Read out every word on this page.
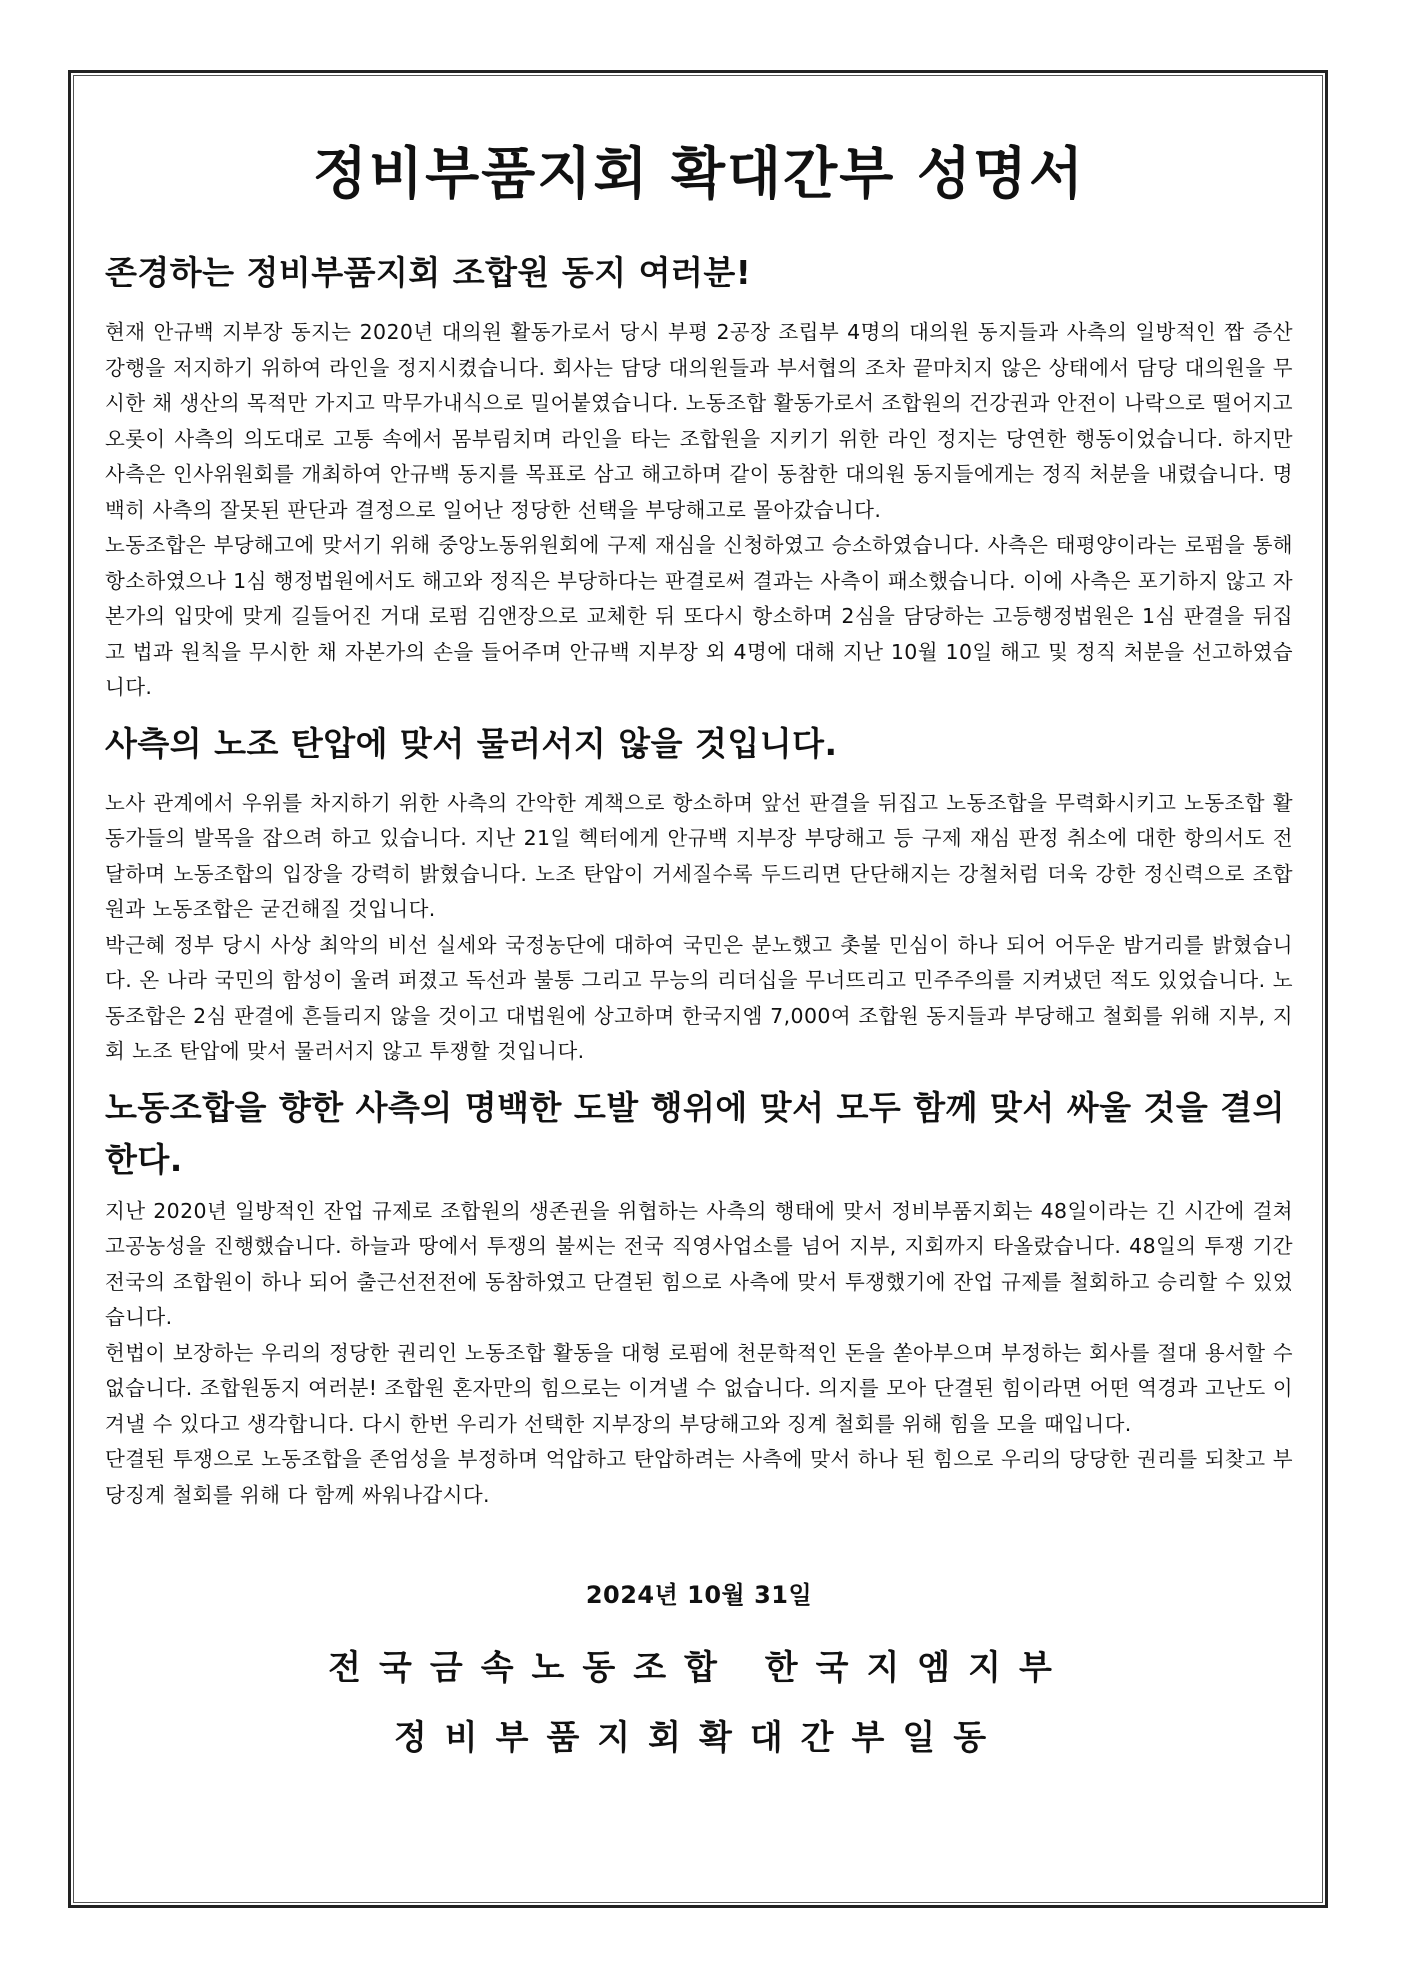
정비부품지회 확대간부 성명서
존경하는 정비부품지회 조합원 동지 여러분!

현재 안규백 지부장 동지는 2020년 대의원 활동가로서 당시 부평 2공장 조립부 4명의 대의원 동지들과 사측의 일방적인 짭 증산 강행을 저지하기 위하여 라인을 정지시켰습니다. 회사는 담당 대의원들과 부서협의 조차 끝마치지 않은 상태에서 담당 대의원을 무시한 채 생산의 목적만 가지고 막무가내식으로 밀어붙였습니다. 노동조합 활동가로서 조합원의 건강권과 안전이 나락으로 떨어지고 오롯이 사측의 의도대로 고통 속에서 몸부림치며 라인을 타는 조합원을 지키기 위한 라인 정지는 당연한 행동이었습니다. 하지만 사측은 인사위원회를 개최하여 안규백 동지를 목표로 삼고 해고하며 같이 동참한 대의원 동지들에게는 정직 처분을 내렸습니다. 명백히 사측의 잘못된 판단과 결정으로 일어난 정당한 선택을 부당해고로 몰아갔습니다.

노동조합은 부당해고에 맞서기 위해 중앙노동위원회에 구제 재심을 신청하였고 승소하였습니다. 사측은 태평양이라는 로펌을 통해 항소하였으나 1심 행정법원에서도 해고와 정직은 부당하다는 판결로써 결과는 사측이 패소했습니다. 이에 사측은 포기하지 않고 자본가의 입맛에 맞게 길들어진 거대 로펌 김앤장으로 교체한 뒤 또다시 항소하며 2심을 담당하는 고등행정법원은 1심 판결을 뒤집고 법과 원칙을 무시한 채 자본가의 손을 들어주며 안규백 지부장 외 4명에 대해 지난 10월 10일 해고 및 정직 처분을 선고하였습니다.

사측의 노조 탄압에 맞서 물러서지 않을 것입니다.

노사 관계에서 우위를 차지하기 위한 사측의 간악한 계책으로 항소하며 앞선 판결을 뒤집고 노동조합을 무력화시키고 노동조합 활동가들의 발목을 잡으려 하고 있습니다. 지난 21일 헥터에게 안규백 지부장 부당해고 등 구제 재심 판정 취소에 대한 항의서도 전달하며 노동조합의 입장을 강력히 밝혔습니다. 노조 탄압이 거세질수록 두드리면 단단해지는 강철처럼 더욱 강한 정신력으로 조합원과 노동조합은 굳건해질 것입니다.

박근혜 정부 당시 사상 최악의 비선 실세와 국정농단에 대하여 국민은 분노했고 촛불 민심이 하나 되어 어두운 밤거리를 밝혔습니다. 온 나라 국민의 함성이 울려 퍼졌고 독선과 불통 그리고 무능의 리더십을 무너뜨리고 민주주의를 지켜냈던 적도 있었습니다. 노동조합은 2심 판결에 흔들리지 않을 것이고 대법원에 상고하며 한국지엠 7,000여 조합원 동지들과 부당해고 철회를 위해 지부, 지회 노조 탄압에 맞서 물러서지 않고 투쟁할 것입니다.

노동조합을 향한 사측의 명백한 도발 행위에 맞서 모두 함께 맞서 싸울 것을 결의한다.

지난 2020년 일방적인 잔업 규제로 조합원의 생존권을 위협하는 사측의 행태에 맞서 정비부품지회는 48일이라는 긴 시간에 걸쳐 고공농성을 진행했습니다. 하늘과 땅에서 투쟁의 불씨는 전국 직영사업소를 넘어 지부, 지회까지 타올랐습니다. 48일의 투쟁 기간 전국의 조합원이 하나 되어 출근선전전에 동참하였고 단결된 힘으로 사측에 맞서 투쟁했기에 잔업 규제를 철회하고 승리할 수 있었습니다.

헌법이 보장하는 우리의 정당한 권리인 노동조합 활동을 대형 로펌에 천문학적인 돈을 쏟아부으며 부정하는 회사를 절대 용서할 수 없습니다. 조합원동지 여러분! 조합원 혼자만의 힘으로는 이겨낼 수 없습니다. 의지를 모아 단결된 힘이라면 어떤 역경과 고난도 이겨낼 수 있다고 생각합니다. 다시 한번 우리가 선택한 지부장의 부당해고와 징계 철회를 위해 힘을 모을 때입니다.

단결된 투쟁으로 노동조합을 존엄성을 부정하며 억압하고 탄압하려는 사측에 맞서 하나 된 힘으로 우리의 당당한 권리를 되찾고 부당징계 철회를 위해 다 함께 싸워나갑시다.

2024년 10월 31일
전국금속노동조합 한국지엠지부
정비부품지회확대간부일동
